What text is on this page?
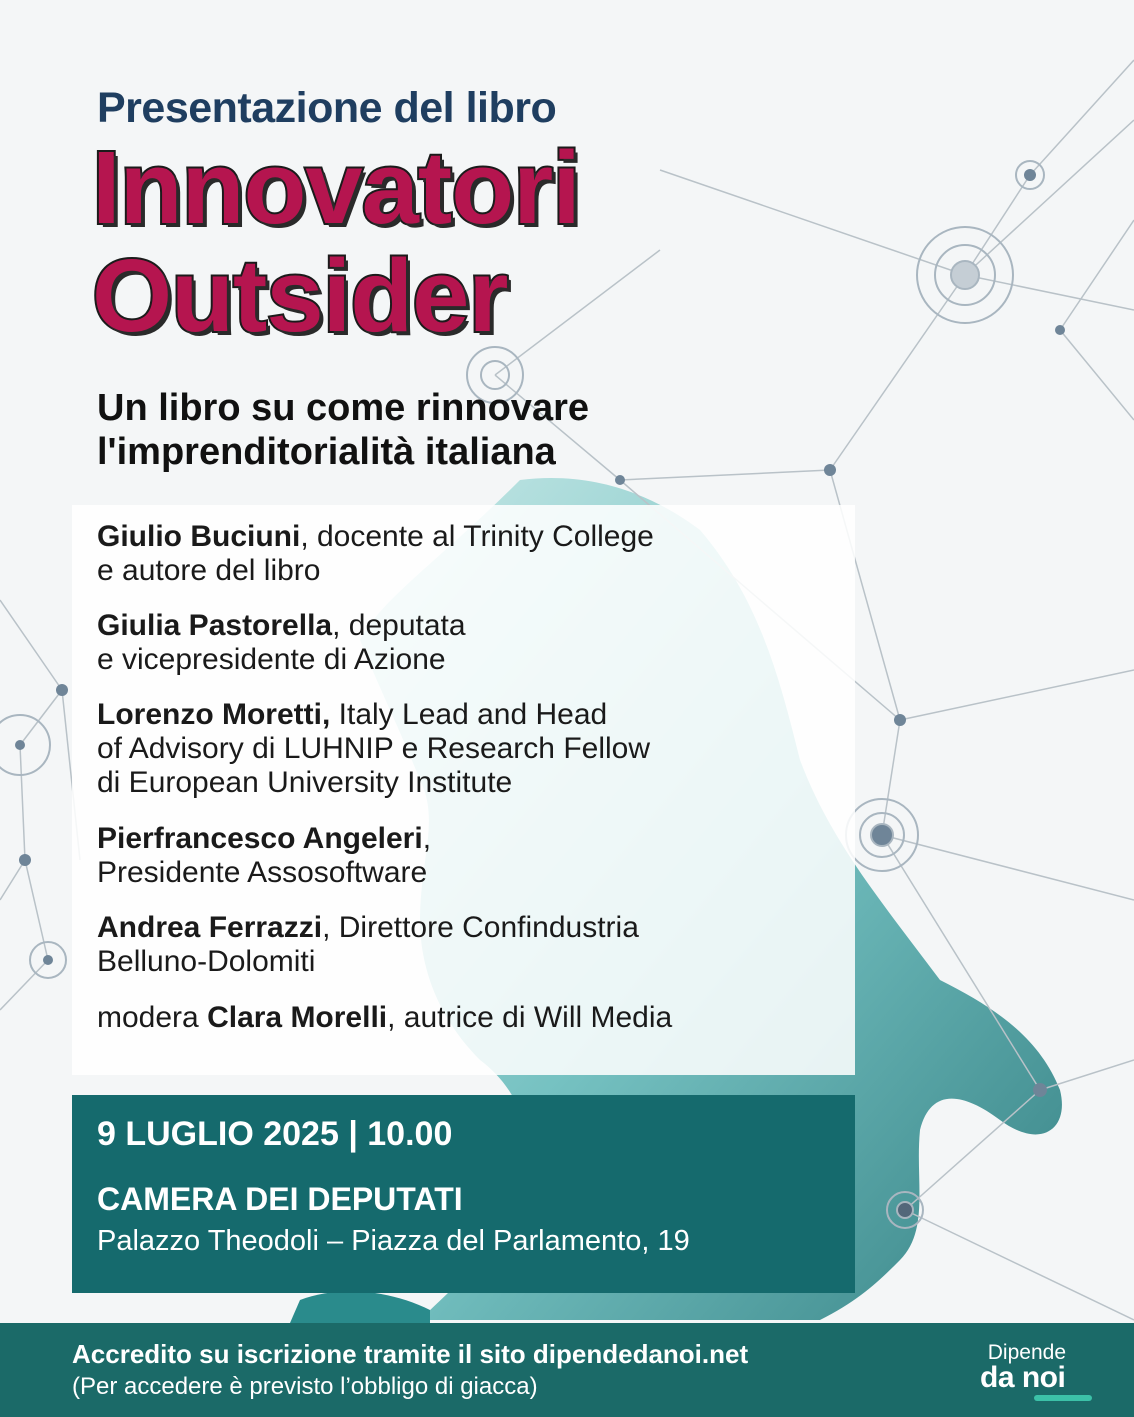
Presentazione del libro
Innovatori
Outsider
Un libro su come rinnovare
l'imprenditorialità italiana

Giulio Buciuni, docente al Trinity College
e autore del libro

Giulia Pastorella, deputata
e vicepresidente di Azione

Lorenzo Moretti, Italy Lead and Head
of Advisory di LUHNIP e Research Fellow
di European University Institute

Pierfrancesco Angeleri,
Presidente Assosoftware

Andrea Ferrazzi, Direttore Confindustria
Belluno-Dolomiti

modera Clara Morelli, autrice di Will Media

9 LUGLIO 2025 | 10.00
CAMERA DEI DEPUTATI
Palazzo Theodoli – Piazza del Parlamento, 19
Accredito su iscrizione tramite il sito dipendedanoi.net
(Per accedere è previsto l’obbligo di giacca)
Dipende
da noi
